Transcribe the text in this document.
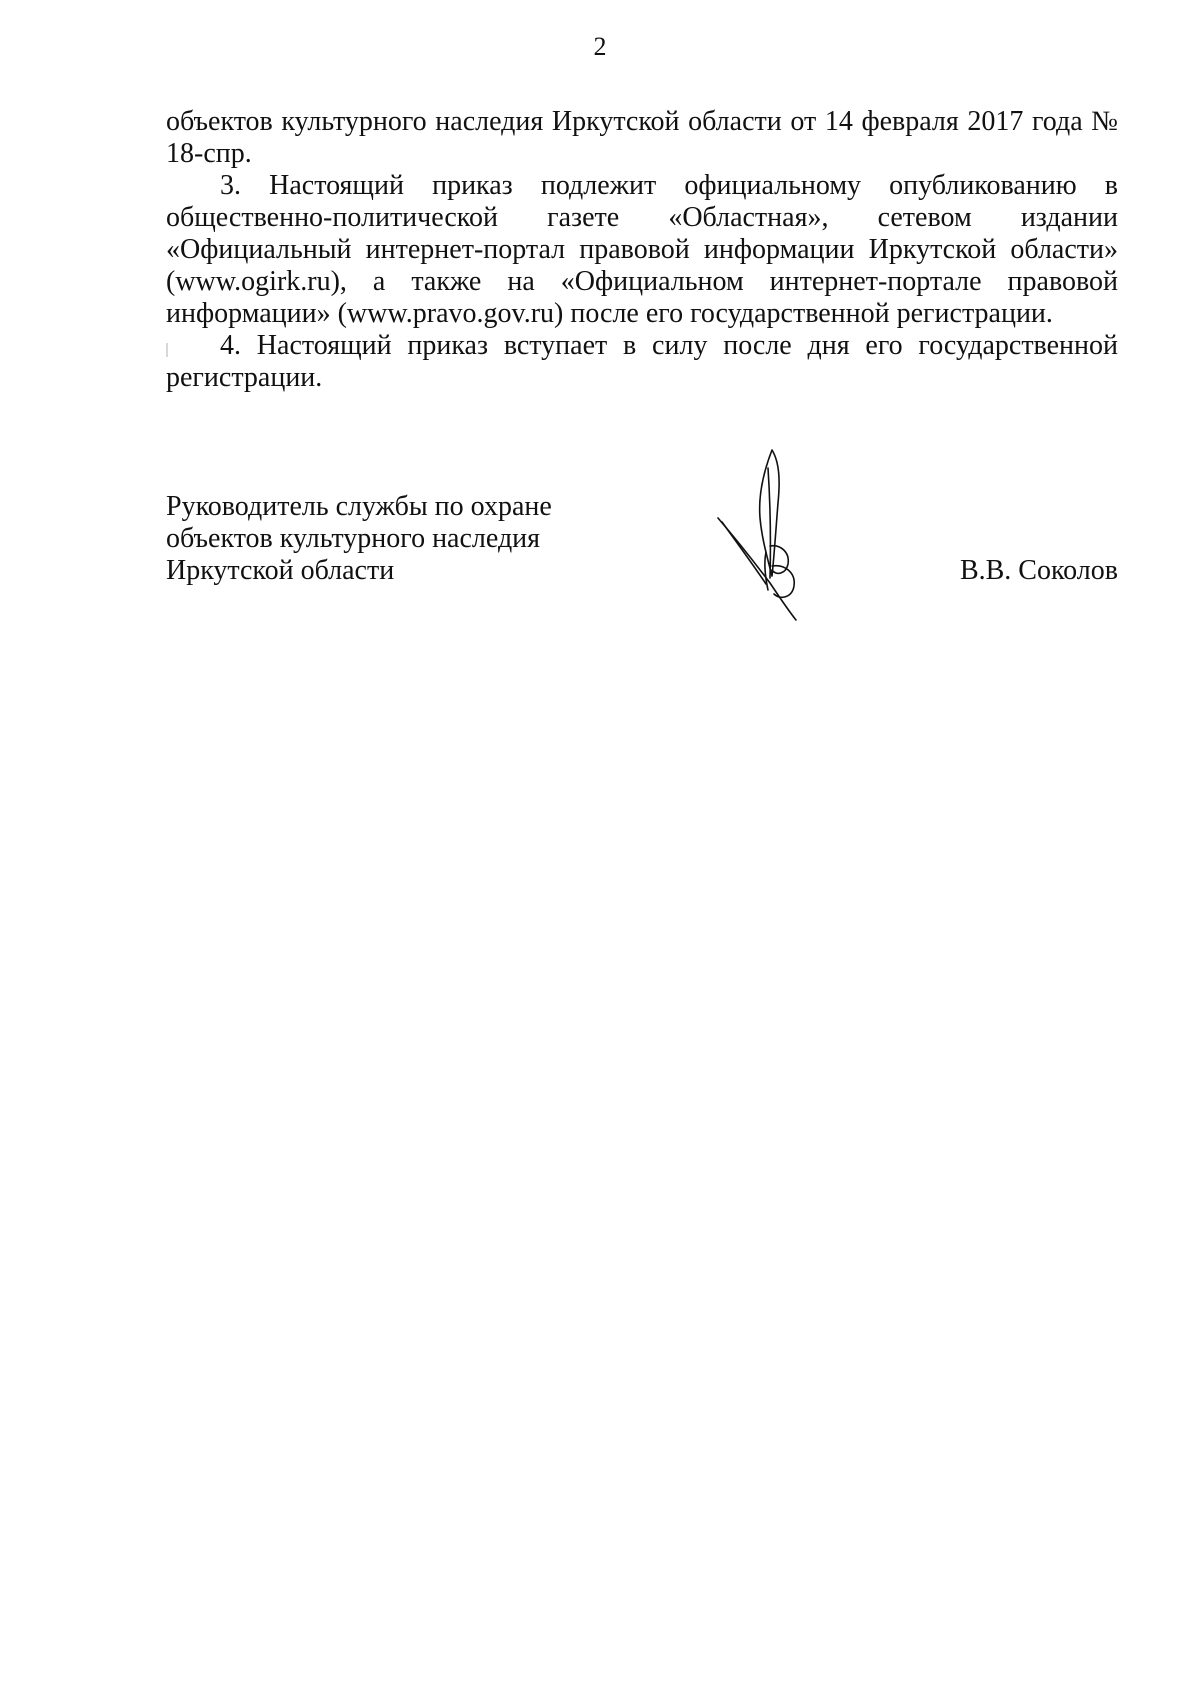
2

объектов культурного наследия Иркутской области от 14 февраля 2017 года № 18-спр.

3. Настоящий приказ подлежит официальному опубликованию в общественно-политической газете «Областная», сетевом издании «Официальный интернет-портал правовой информации Иркутской области» (www.ogirk.ru), а также на «Официальном интернет-портале правовой информации» (www.pravo.gov.ru) после его государственной регистрации.

4. Настоящий приказ вступает в силу после дня его государственной регистрации.

Руководитель службы по охране
объектов культурного наследия
Иркутской области	В.В. Соколов
